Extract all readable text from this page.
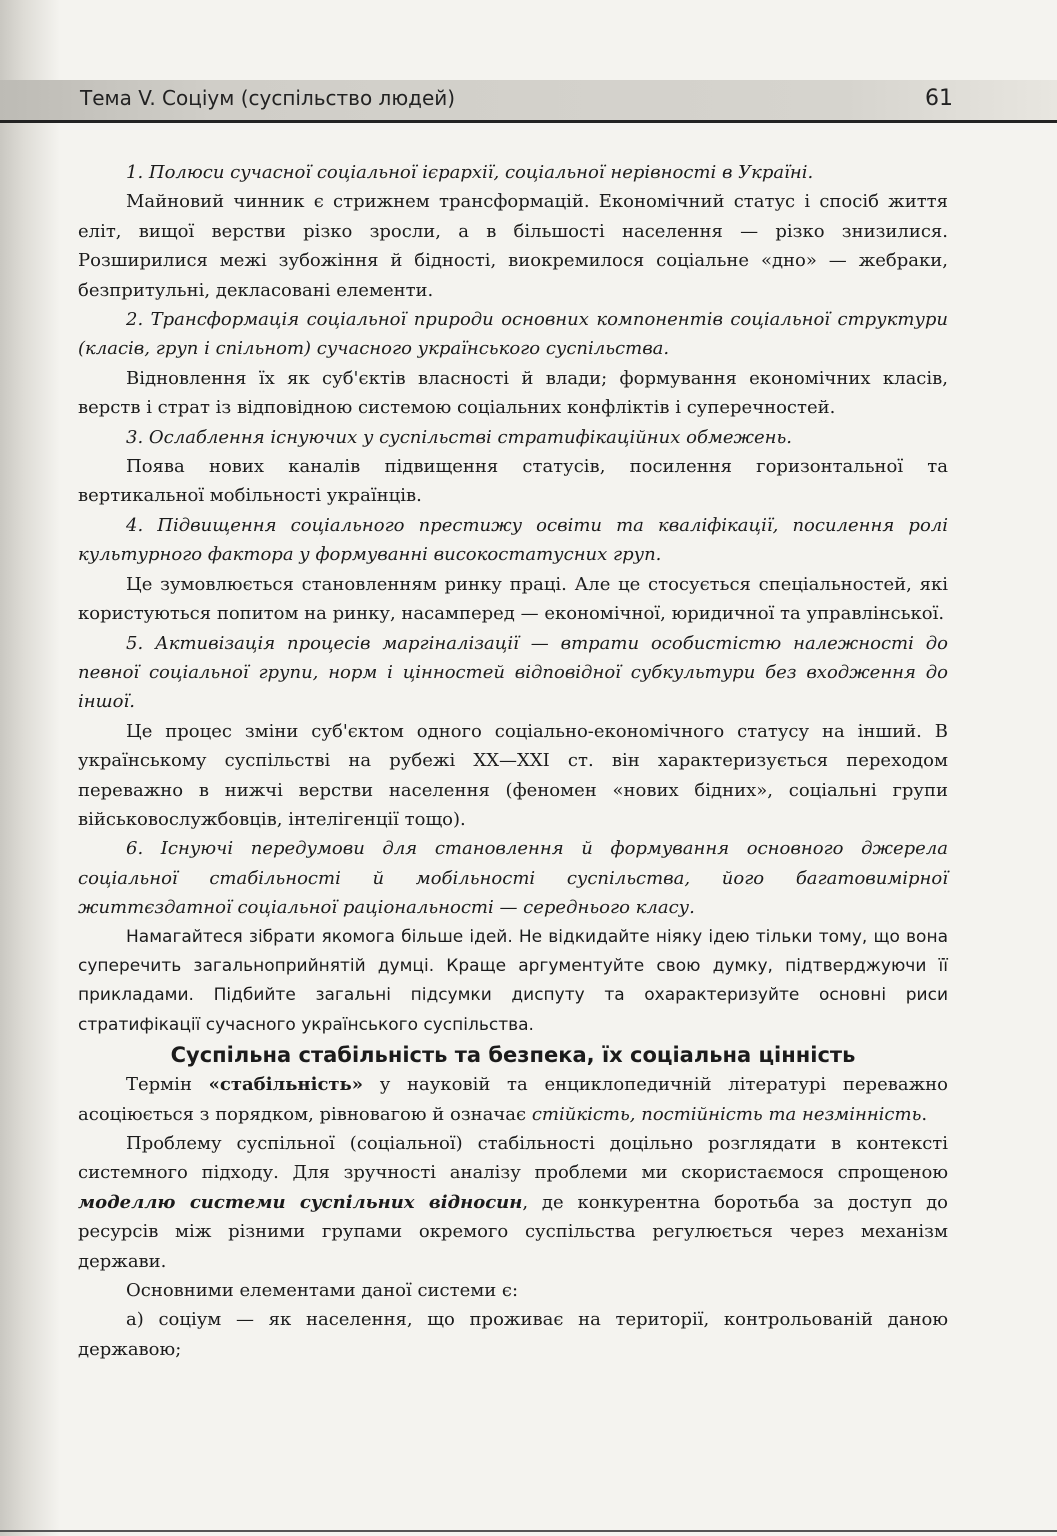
Тема V. Соціум (суспільство людей)	61

1. Полюси сучасної соціальної ієрархії, соціальної нерівності в Україні.

Майновий чинник є стрижнем трансформацій. Економічний статус і спосіб життя еліт, вищої верстви різко зросли, а в більшості населення — різко знизилися. Розширилися межі зубожіння й бідності, виокремилося соціальне «дно» — жебраки, безпритульні, декласовані елементи.

2. Трансформація соціальної природи основних компонентів соціальної структури (класів, груп і спільнот) сучасного українського суспільства.

Відновлення їх як суб'єктів власності й влади; формування економічних класів, верств і страт із відповідною системою соціальних конфліктів і суперечностей.

3. Ослаблення існуючих у суспільстві стратифікаційних обмежень.

Поява нових каналів підвищення статусів, посилення горизонтальної та вертикальної мобільності українців.

4. Підвищення соціального престижу освіти та кваліфікації, посилення ролі культурного фактора у формуванні високостатусних груп.

Це зумовлюється становленням ринку праці. Але це стосується спеціальностей, які користуються попитом на ринку, насамперед — економічної, юридичної та управлінської.

5. Активізація процесів маргіналізації — втрати особистістю належності до певної соціальної групи, норм і цінностей відповідної субкультури без входження до іншої.

Це процес зміни суб'єктом одного соціально-економічного статусу на інший. В українському суспільстві на рубежі XX—XXI ст. він характеризується переходом переважно в нижчі верстви населення (феномен «нових бідних», соціальні групи військовослужбовців, інтелігенції тощо).

6. Існуючі передумови для становлення й формування основного джерела соціальної стабільності й мобільності суспільства, його багатовимірної життєздатної соціальної раціональності — середнього класу.

Намагайтеся зібрати якомога більше ідей. Не відкидайте ніяку ідею тільки тому, що вона суперечить загальноприйнятій думці. Краще аргументуйте свою думку, підтверджуючи її прикладами. Підбийте загальні підсумки диспуту та охарактеризуйте основні риси стратифікації сучасного українського суспільства.

Суспільна стабільність та безпека, їх соціальна цінність

Термін «стабільність» у науковій та енциклопедичній літературі переважно асоціюється з порядком, рівновагою й означає стійкість, постійність та незмінність.

Проблему суспільної (соціальної) стабільності доцільно розглядати в контексті системного підходу. Для зручності аналізу проблеми ми скористаємося спрощеною моделлю системи суспільних відносин, де конкурентна боротьба за доступ до ресурсів між різними групами окремого суспільства регулюється через механізм держави.

Основними елементами даної системи є:

а) соціум — як населення, що проживає на території, контрольованій даною державою;
